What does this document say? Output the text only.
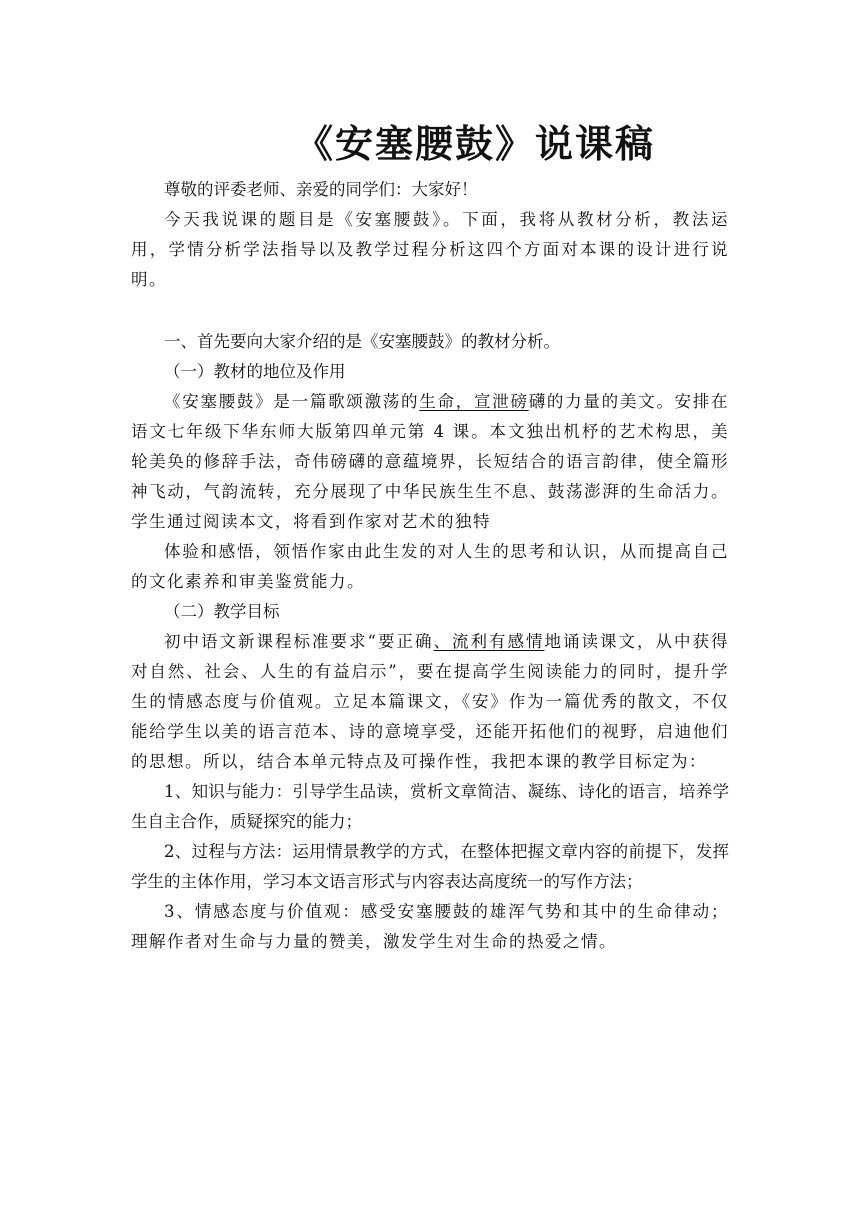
《安塞腰鼓》说课稿

尊敬的评委老师、亲爱的同学们：大家好！

今天我说课的题目是《安塞腰鼓》。下面，我将从教材分析，教法运用，学情分析学法指导以及教学过程分析这四个方面对本课的设计进行说明。

一、首先要向大家介绍的是《安塞腰鼓》的教材分析。

（一）教材的地位及作用

《安塞腰鼓》是一篇歌颂激荡的生命，宣泄磅礴的力量的美文。安排在语文七年级下华东师大版第四单元第 4 课。本文独出机杼的艺术构思，美轮美奂的修辞手法，奇伟磅礴的意蕴境界，长短结合的语言韵律，使全篇形神飞动，气韵流转，充分展现了中华民族生生不息、鼓荡澎湃的生命活力。学生通过阅读本文，将看到作家对艺术的独特

体验和感悟，领悟作家由此生发的对人生的思考和认识，从而提高自己的文化素养和审美鉴赏能力。

（二）教学目标

初中语文新课程标准要求“要正确、流利有感情地诵读课文，从中获得对自然、社会、人生的有益启示”，要在提高学生阅读能力的同时，提升学生的情感态度与价值观。立足本篇课文，《安》作为一篇优秀的散文，不仅能给学生以美的语言范本、诗的意境享受，还能开拓他们的视野，启迪他们的思想。所以，结合本单元特点及可操作性，我把本课的教学目标定为：

1、知识与能力：引导学生品读，赏析文章简洁、凝练、诗化的语言，培养学生自主合作，质疑探究的能力；

2、过程与方法：运用情景教学的方式，在整体把握文章内容的前提下，发挥学生的主体作用，学习本文语言形式与内容表达高度统一的写作方法；

3、情感态度与价值观：感受安塞腰鼓的雄浑气势和其中的生命律动；理解作者对生命与力量的赞美，激发学生对生命的热爱之情。
